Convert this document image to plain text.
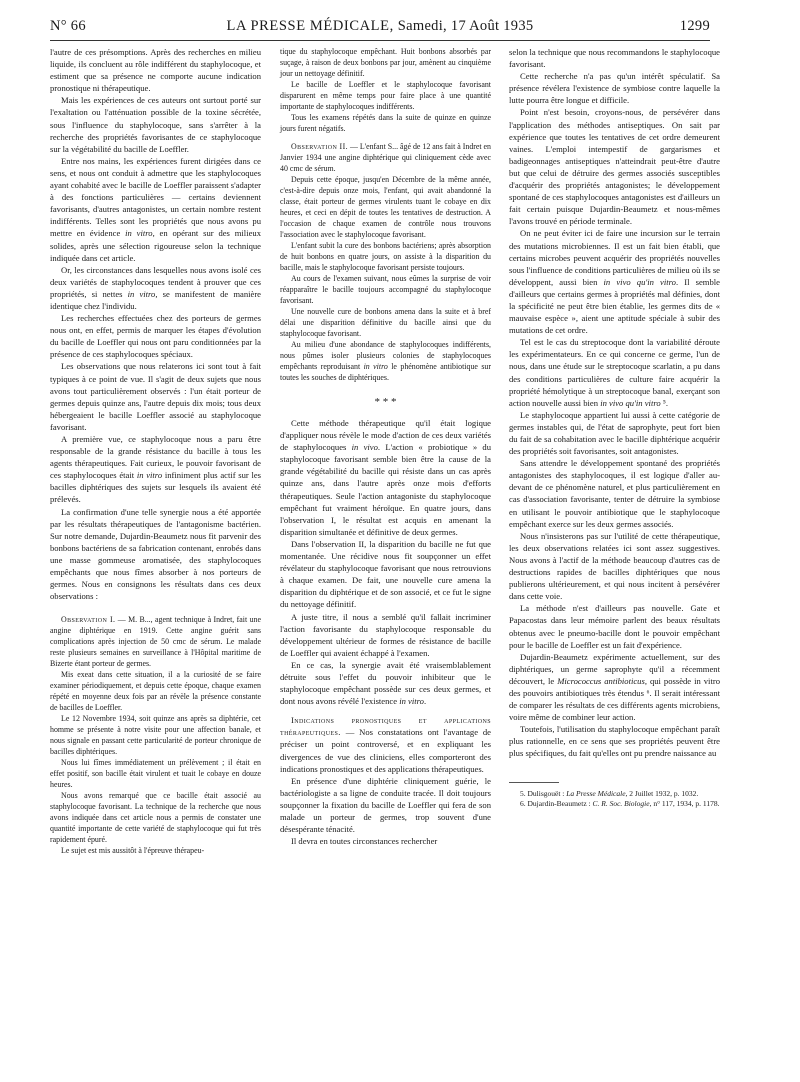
N° 66	LA PRESSE MÉDICALE, Samedi, 17 Août 1935	1299

l'autre de ces présomptions. Après des recherches en milieu liquide, ils concluent au rôle indifférent du staphylocoque, et estiment que sa présence ne comporte aucune indication pronostique ni thérapeutique.

Mais les expériences de ces auteurs ont surtout porté sur l'exaltation ou l'atténuation possible de la toxine sécrétée, sous l'influence du staphylocoque, sans s'arrêter à la recherche des propriétés favorisantes de ce staphylocoque sur la végétabilité du bacille de Loeffler.

Entre nos mains, les expériences furent dirigées dans ce sens, et nous ont conduit à admettre que les staphylocoques ayant cohabité avec le bacille de Loeffler paraissent s'adapter à des fonctions particulières — certains deviennent favorisants, d'autres antagonistes, un certain nombre restent indifférents. Telles sont les propriétés que nous avons pu mettre en évidence in vitro, en opérant sur des milieux solides, après une sélection rigoureuse selon la technique indiquée dans cet article.

Or, les circonstances dans lesquelles nous avons isolé ces deux variétés de staphylocoques tendent à prouver que ces propriétés, si nettes in vitro, se manifestent de manière identique chez l'individu.

Les recherches effectuées chez des porteurs de germes nous ont, en effet, permis de marquer les étapes d'évolution du bacille de Loeffler qui nous ont paru conditionnées par la présence de ces staphylocoques spéciaux.

Les observations que nous relaterons ici sont tout à fait typiques à ce point de vue. Il s'agit de deux sujets que nous avons tout particulièrement observés : l'un était porteur de germes depuis quinze ans, l'autre depuis dix mois; tous deux hébergeaient le bacille Loeffler associé au staphylocoque favorisant.

A première vue, ce staphylocoque nous a paru être responsable de la grande résistance du bacille à tous les agents thérapeutiques. Fait curieux, le pouvoir favorisant de ces staphylocoques était in vitro infiniment plus actif sur les bacilles diphtériques des sujets sur lesquels ils avaient été prélevés.

La confirmation d'une telle synergie nous a été apportée par les résultats thérapeutiques de l'antagonisme bactérien. Sur notre demande, Dujardin-Beaumetz nous fit parvenir des bonbons bactériens de sa fabrication contenant, enrobés dans une masse gommeuse aromatisée, des staphylocoques empêchants que nous fîmes absorber à nos porteurs de germes. Nous en consignons les résultats dans ces deux observations :

Observation I. — M. B..., agent technique à Indret, fait une angine diphtérique en 1919. Cette angine guérit sans complications après injection de 50 cmc de sérum. Le malade reste plusieurs semaines en surveillance à l'Hôpital maritime de Bizerte étant porteur de germes.

Mis exeat dans cette situation, il a la curiosité de se faire examiner périodiquement, et depuis cette époque, chaque examen répété en moyenne deux fois par an révèle la présence constante de bacilles de Loeffler.

Le 12 Novembre 1934, soit quinze ans après sa diphtérie, cet homme se présente à notre visite pour une affection banale, et nous signale en passant cette particularité de porteur chronique de bacilles diphtériques.

Nous lui fîmes immédiatement un prélèvement ; il était en effet positif, son bacille était virulent et tuait le cobaye en douze heures.

Nous avons remarqué que ce bacille était associé au staphylocoque favorisant. La technique de la recherche que nous avons indiquée dans cet article nous a permis de constater une quantité importante de cette variété de staphylocoque qui fut très rapidement épuré.

Le sujet est mis aussitôt à l'épreuve thérapeu-

tique du staphylocoque empêchant. Huit bonbons absorbés par suçage, à raison de deux bonbons par jour, amènent au cinquième jour un nettoyage définitif.

Le bacille de Loeffler et le staphylocoque favorisant disparurent en même temps pour faire place à une quantité importante de staphylocoques indifférents.

Tous les examens répétés dans la suite de quinze en quinze jours furent négatifs.

Observation II. — L'enfant S... âgé de 12 ans fait à Indret en Janvier 1934 une angine diphtérique qui cliniquement cède avec 40 cmc de sérum.

Depuis cette époque, jusqu'en Décembre de la même année, c'est-à-dire depuis onze mois, l'enfant, qui avait abandonné la classe, était porteur de germes virulents tuant le cobaye en dix heures, et ceci en dépit de toutes les tentatives de destruction. A l'occasion de chaque examen de contrôle nous trouvons l'association avec le staphylocoque favorisant.

L'enfant subit la cure des bonbons bactériens; après absorption de huit bonbons en quatre jours, on assiste à la disparition du bacille, mais le staphylocoque favorisant persiste toujours.

Au cours de l'examen suivant, nous eûmes la surprise de voir réapparaître le bacille toujours accompagné du staphylocoque favorisant.

Une nouvelle cure de bonbons amena dans la suite et à bref délai une disparition définitive du bacille ainsi que du staphylocoque favorisant.

Au milieu d'une abondance de staphylocoques indifférents, nous pûmes isoler plusieurs colonies de staphylocoques empêchants reproduisant in vitro le phénomène antibiotique sur toutes les souches de diphtériques.

* * *

Cette méthode thérapeutique qu'il était logique d'appliquer nous révèle le mode d'action de ces deux variétés de staphylocoques in vivo. L'action « probiotique » du staphylocoque favorisant semble bien être la cause de la grande végétabilité du bacille qui résiste dans un cas après quinze ans, dans l'autre après onze mois d'efforts thérapeutiques. Seule l'action antagoniste du staphylocoque empêchant fut vraiment héroïque. En quatre jours, dans l'observation I, le résultat est acquis en amenant la disparition simultanée et définitive de deux germes.

Dans l'observation II, la disparition du bacille ne fut que momentanée. Une récidive nous fit soupçonner un effet révélateur du staphylocoque favorisant que nous retrouvions à chaque examen. De fait, une nouvelle cure amena la disparition du diphtérique et de son associé, et ce fut le signe du nettoyage définitif.

A juste titre, il nous a semblé qu'il fallait incriminer l'action favorisante du staphylocoque responsable du développement ultérieur de formes de résistance de bacille de Loeffler qui avaient échappé à l'examen.

En ce cas, la synergie avait été vraisemblablement détruite sous l'effet du pouvoir inhibiteur que le staphylocoque empêchant possède sur ces deux germes, et dont nous avons révélé l'existence in vitro.

Indications pronostiques et applications thérapeutiques. — Nos constatations ont l'avantage de préciser un point controversé, et en expliquant les divergences de vue des cliniciens, elles comporteront des indications pronostiques et des applications thérapeutiques.

En présence d'une diphtérie cliniquement guérie, le bactériologiste a sa ligne de conduite tracée. Il doit toujours soupçonner la fixation du bacille de Loeffler qui fera de son malade un porteur de germes, trop souvent d'une désespérante ténacité.

Il devra en toutes circonstances rechercher

selon la technique que nous recommandons le staphylocoque favorisant.

Cette recherche n'a pas qu'un intérêt spéculatif. Sa présence révélera l'existence de symbiose contre laquelle la lutte pourra être longue et difficile.

Point n'est besoin, croyons-nous, de persévérer dans l'application des méthodes antiseptiques. On sait par expérience que toutes les tentatives de cet ordre demeurent vaines. L'emploi intempestif de gargarismes et badigeonnages antiseptiques n'atteindrait peut-être d'autre but que celui de détruire des germes associés susceptibles d'acquérir des propriétés antagonistes; le développement spontané de ces staphylocoques antagonistes est d'ailleurs un fait certain puisque Dujardin-Beaumetz et nous-mêmes l'avons trouvé en période terminale.

On ne peut éviter ici de faire une incursion sur le terrain des mutations microbiennes. Il est un fait bien établi, que certains microbes peuvent acquérir des propriétés nouvelles sous l'influence de conditions particulières de milieu où ils se développent, aussi bien in vivo qu'in vitro. Il semble d'ailleurs que certains germes à propriétés mal définies, dont la spécificité ne peut être bien établie, les germes dits de « mauvaise espèce », aient une aptitude spéciale à subir des mutations de cet ordre.

Tel est le cas du streptocoque dont la variabilité déroute les expérimentateurs. En ce qui concerne ce germe, l'un de nous, dans une étude sur le streptocoque scarlatin, a pu dans des conditions particulières de culture faire acquérir la propriété hémolytique à un streptocoque banal, exerçant son action nouvelle aussi bien in vivo qu'in vitro ⁵.

Le staphylocoque appartient lui aussi à cette catégorie de germes instables qui, de l'état de saprophyte, peut fort bien du fait de sa cohabitation avec le bacille diphtérique acquérir des propriétés soit favorisantes, soit antagonistes.

Sans attendre le développement spontané des propriétés antagonistes des staphylocoques, il est logique d'aller au-devant de ce phénomène naturel, et plus particulièrement en cas d'association favorisante, tenter de détruire la symbiose en utilisant le pouvoir antibiotique que le staphylocoque empêchant exerce sur les deux germes associés.

Nous n'insisterons pas sur l'utilité de cette thérapeutique, les deux observations relatées ici sont assez suggestives. Nous avons à l'actif de la méthode beaucoup d'autres cas de destructions rapides de bacilles diphtériques que nous publierons ultérieurement, et qui nous incitent à persévérer dans cette voie.

La méthode n'est d'ailleurs pas nouvelle. Gate et Papacostas dans leur mémoire parlent des beaux résultats obtenus avec le pneumo-bacille dont le pouvoir empêchant pour le bacille de Loeffler est un fait d'expérience.

Dujardin-Beaumetz expérimente actuellement, sur des diphtériques, un germe saprophyte qu'il a récemment découvert, le Micrococcus antibioticus, qui possède in vitro des pouvoirs antibiotiques très étendus ⁶. Il serait intéressant de comparer les résultats de ces différents agents microbiens, voire même de combiner leur action.

Toutefois, l'utilisation du staphylocoque empêchant paraît plus rationnelle, en ce sens que ses propriétés peuvent être plus spécifiques, du fait qu'elles ont pu prendre naissance au

5. Dulisgouët : La Presse Médicale, 2 Juillet 1932, p. 1032.

6. Dujardin-Beaumetz : C. R. Soc. Biologie, n° 117, 1934, p. 1178.
